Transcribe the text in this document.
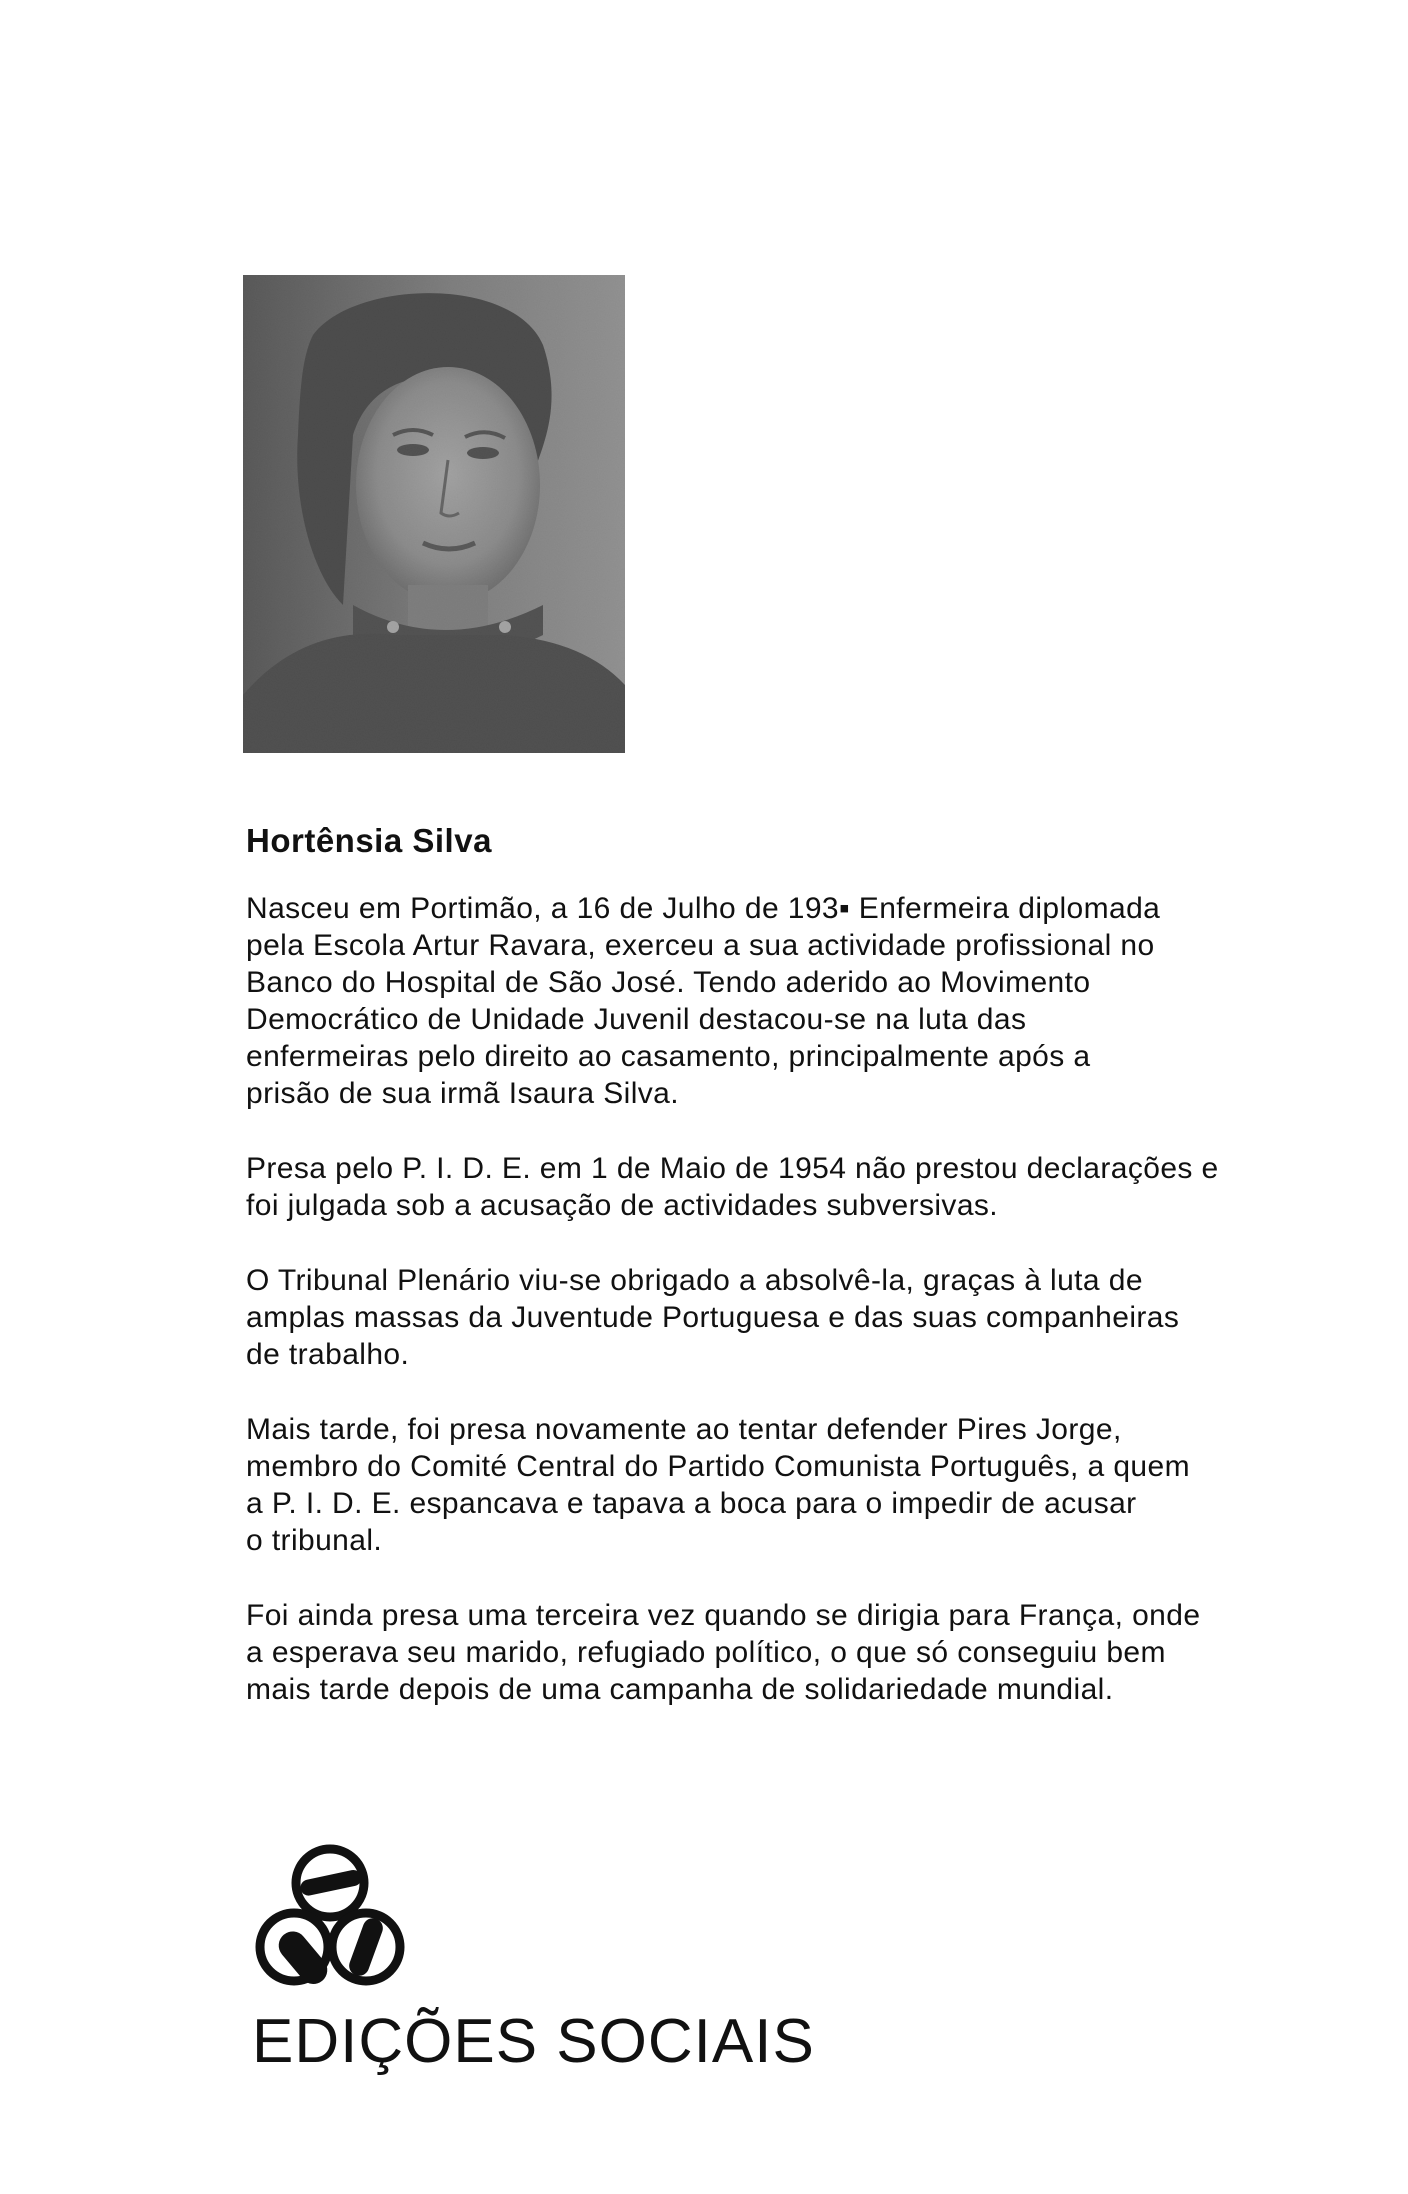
Hortênsia Silva

Nasceu em Portimão, a 16 de Julho de 193▪ Enfermeira diplomada
pela Escola Artur Ravara, exerceu a sua actividade profissional no
Banco do Hospital de São José. Tendo aderido ao Movimento
Democrático de Unidade Juvenil destacou-se na luta das
enfermeiras pelo direito ao casamento, principalmente após a
prisão de sua irmã Isaura Silva.

Presa pelo P. I. D. E. em 1 de Maio de 1954 não prestou declarações e
foi julgada sob a acusação de actividades subversivas.

O Tribunal Plenário viu-se obrigado a absolvê-la, graças à luta de
amplas massas da Juventude Portuguesa e das suas companheiras
de trabalho.

Mais tarde, foi presa novamente ao tentar defender Pires Jorge,
membro do Comité Central do Partido Comunista Português, a quem
a P. I. D. E. espancava e tapava a boca para o impedir de acusar
o tribunal.

Foi ainda presa uma terceira vez quando se dirigia para França, onde
a esperava seu marido, refugiado político, o que só conseguiu bem
mais tarde depois de uma campanha de solidariedade mundial.

EDIÇÕES SOCIAIS
